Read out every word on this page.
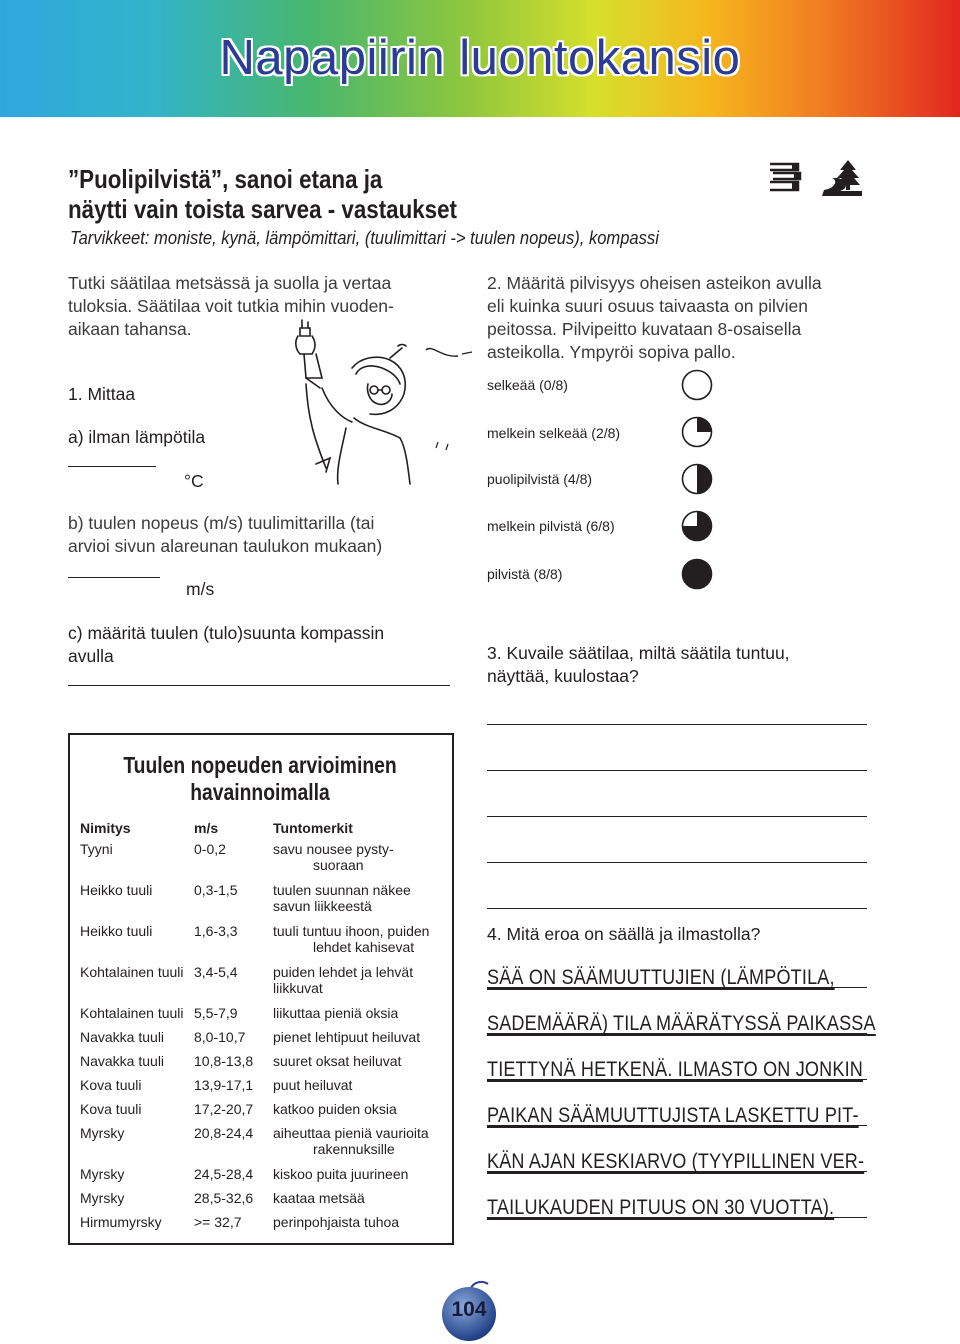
Napapiirin luontokansio
”Puolipilvistä”, sanoi etana ja
näytti vain toista sarvea - vastaukset
Tarvikkeet: moniste, kynä, lämpömittari, (tuulimittari -> tuulen nopeus), kompassi
Tutki säätilaa metsässä ja suolla ja vertaa
tuloksia. Säätilaa voit tutkia mihin vuoden-
aikaan tahansa.
1. Mittaa
a) ilman lämpötila
°C
b) tuulen nopeus (m/s) tuulimittarilla (tai
arvioi sivun alareunan taulukon mukaan)
m/s
c) määritä tuulen (tulo)suunta kompassin
avulla
2. Määritä pilvisyys oheisen asteikon avulla
eli kuinka suuri osuus taivaasta on pilvien
peitossa. Pilvipeitto kuvataan 8-osaisella
asteikolla. Ympyröi sopiva pallo.
selkeää (0/8)
melkein selkeää (2/8)
puolipilvistä (4/8)
melkein pilvistä (6/8)
pilvistä (8/8)
3. Kuvaile säätilaa, miltä säätila tuntuu,
näyttää, kuulostaa?
4. Mitä eroa on säällä ja ilmastolla?
SÄÄ ON SÄÄMUUTTUJIEN (LÄMPÖTILA,
SADEMÄÄRÄ) TILA MÄÄRÄTYSSÄ PAIKASSA
TIETTYNÄ HETKENÄ. ILMASTO ON JONKIN
PAIKAN SÄÄMUUTTUJISTA LASKETTU PIT-
KÄN AJAN KESKIARVO (TYYPILLINEN VER-
TAILUKAUDEN PITUUS ON 30 VUOTTA).
Tuulen nopeuden arvioiminen
havainnoimalla
Nimitys	m/s	Tuntomerkit
Tyyni	0-0,2	savu nousee pysty-
suoraan

Heikko tuuli	0,3-1,5	tuulen suunnan näkee
savun liikkeestä

Heikko tuuli	1,6-3,3	tuuli tuntuu ihoon, puiden
lehdet kahisevat

Kohtalainen tuuli	3,4-5,4	puiden lehdet ja lehvät
liikkuvat

Kohtalainen tuuli	5,5-7,9	liikuttaa pieniä oksia

Navakka tuuli	8,0-10,7	pienet lehtipuut heiluvat

Navakka tuuli	10,8-13,8	suuret oksat heiluvat

Kova tuuli	13,9-17,1	puut heiluvat

Kova tuuli	17,2-20,7	katkoo puiden oksia

Myrsky	20,8-24,4	aiheuttaa pieniä vaurioita
rakennuksille

Myrsky	24,5-28,4	kiskoo puita juurineen

Myrsky	28,5-32,6	kaataa metsää

Hirmumyrsky	>= 32,7	perinpohjaista tuhoa
104
